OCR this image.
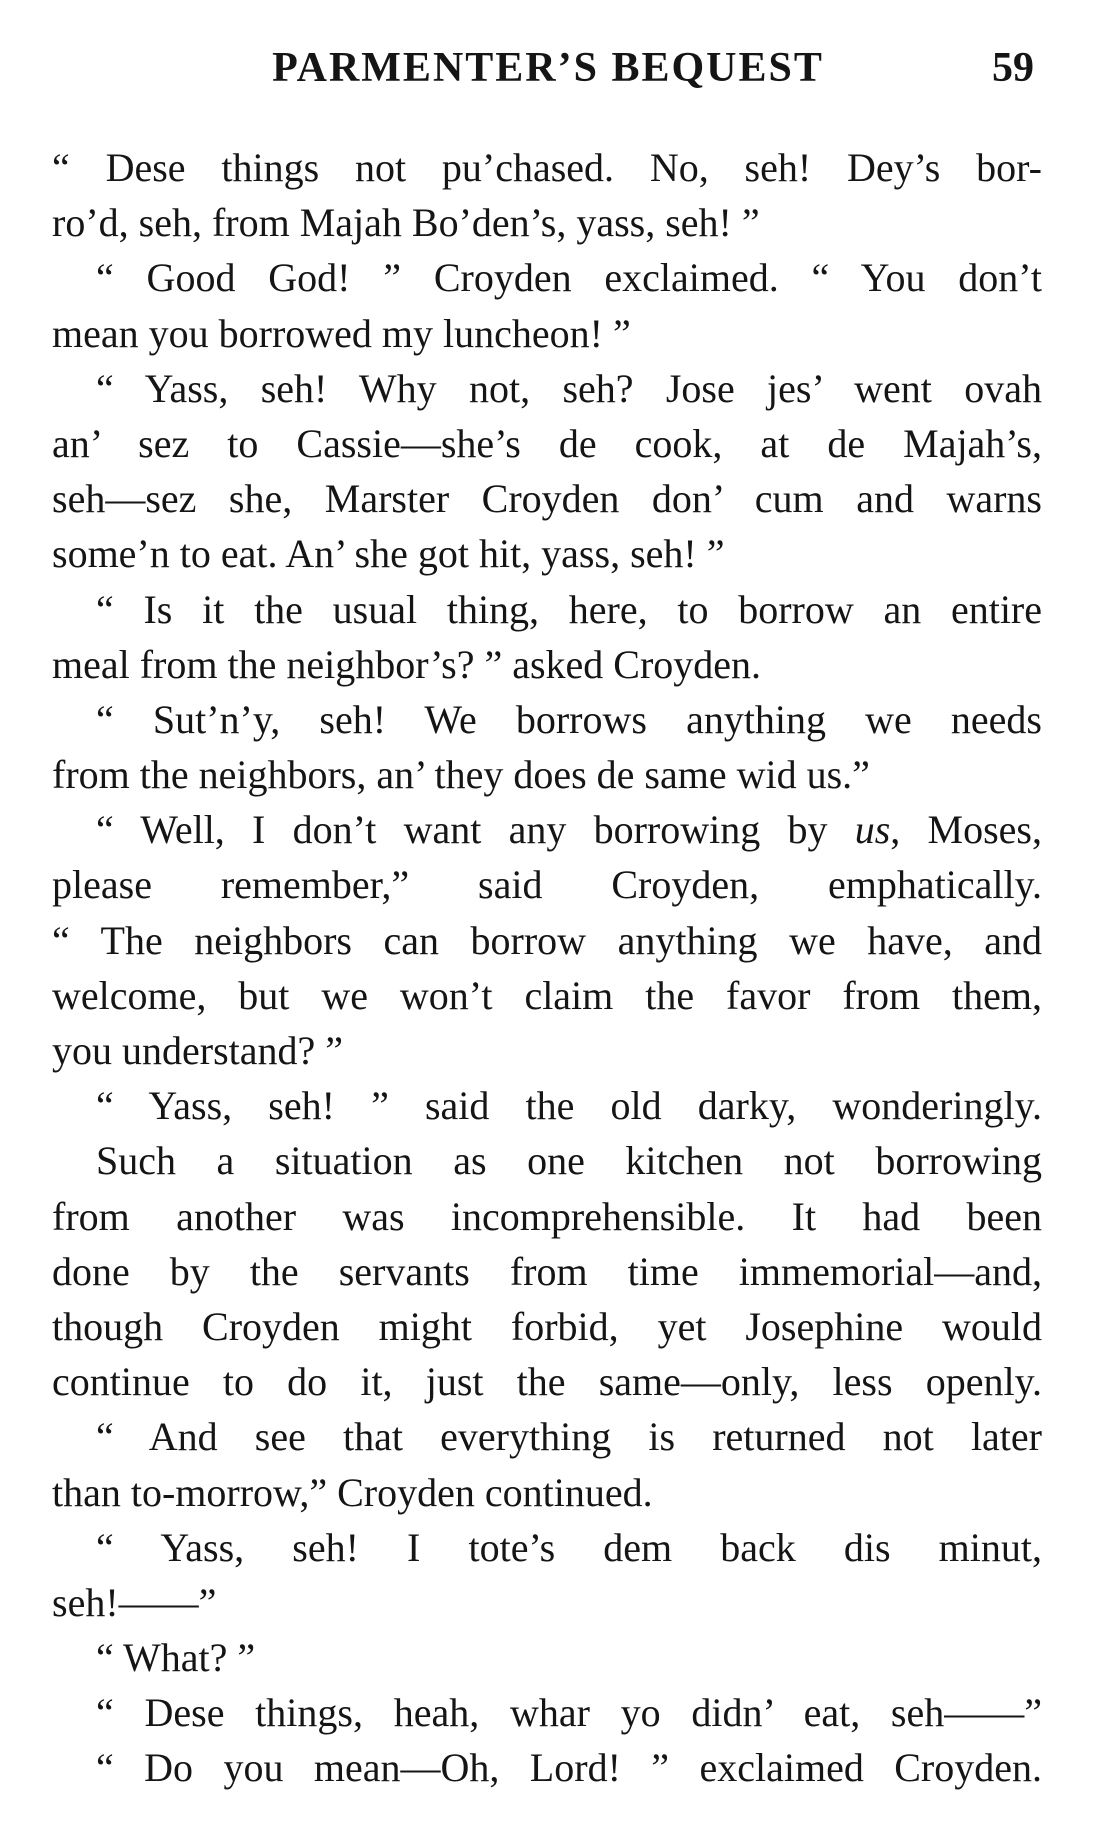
PARMENTER’S BEQUEST	59
“ Dese things not pu’chased. No, seh! Dey’s bor-
ro’d, seh, from Majah Bo’den’s, yass, seh! ”
“ Good God! ” Croyden exclaimed. “ You don’t
mean you borrowed my luncheon! ”
“ Yass, seh! Why not, seh? Jose jes’ went ovah
an’ sez to Cassie—she’s de cook, at de Majah’s,
seh—sez she, Marster Croyden don’ cum and warns
some’n to eat. An’ she got hit, yass, seh! ”
“ Is it the usual thing, here, to borrow an entire
meal from the neighbor’s? ” asked Croyden.
“ Sut’n’y, seh! We borrows anything we needs
from the neighbors, an’ they does de same wid us.”
“ Well, I don’t want any borrowing by us, Moses,
please remember,” said Croyden, emphatically.
“ The neighbors can borrow anything we have, and
welcome, but we won’t claim the favor from them,
you understand? ”
“ Yass, seh! ” said the old darky, wonderingly.
Such a situation as one kitchen not borrowing
from another was incomprehensible. It had been
done by the servants from time immemorial—and,
though Croyden might forbid, yet Josephine would
continue to do it, just the same—only, less openly.
“ And see that everything is returned not later
than to-morrow,” Croyden continued.
“ Yass, seh! I tote’s dem back dis minut,
seh!——”
“ What? ”
“ Dese things, heah, whar yo didn’ eat, seh——”
“ Do you mean—Oh, Lord! ” exclaimed Croyden.
